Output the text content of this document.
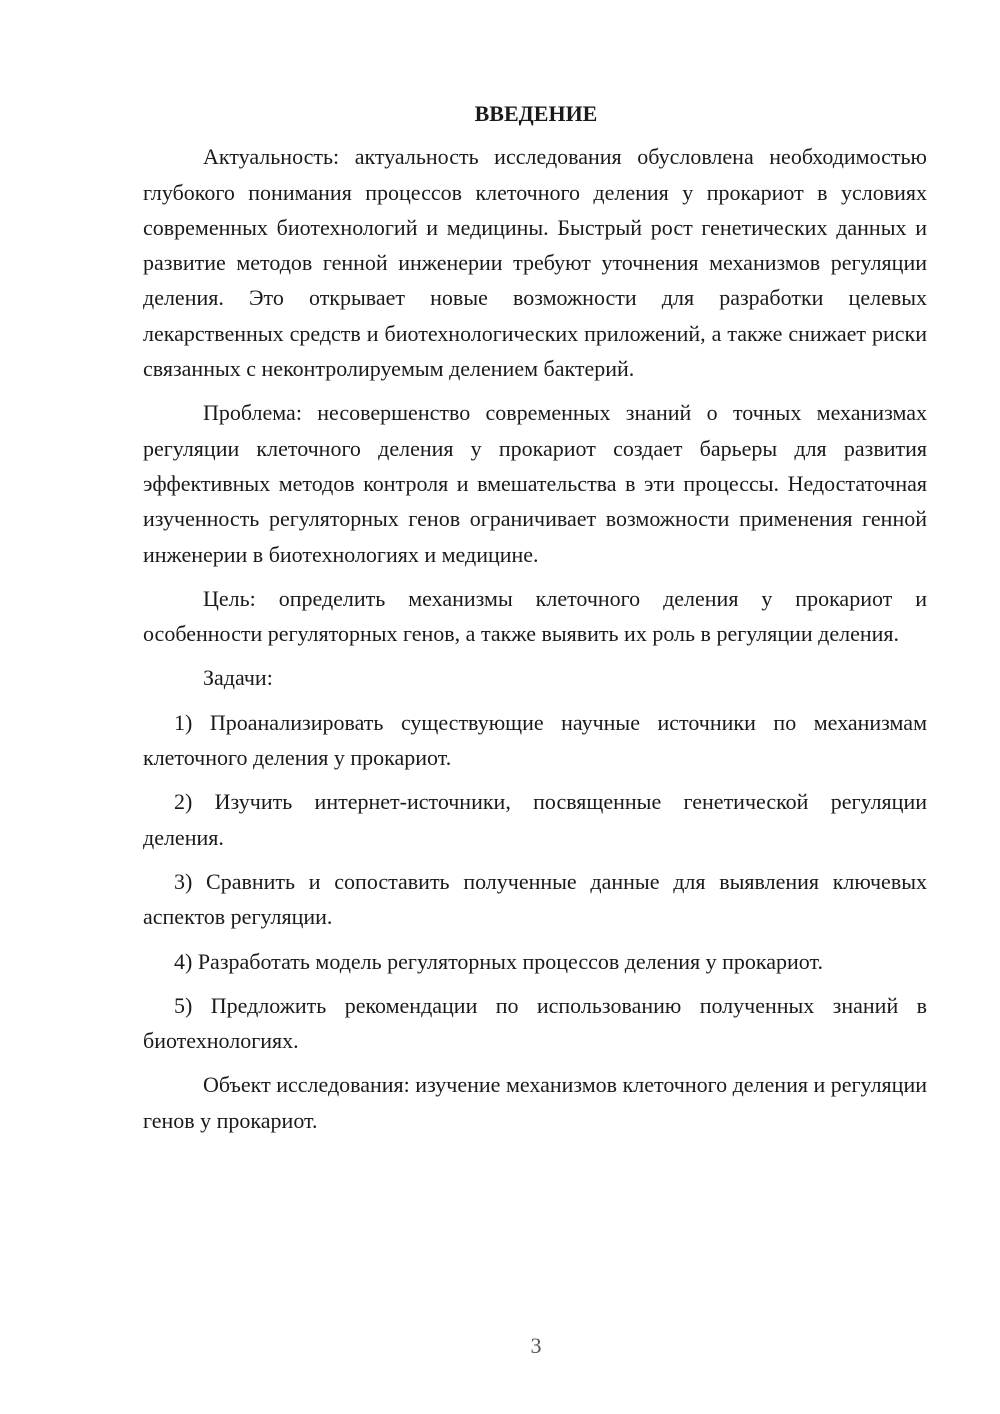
ВВЕДЕНИЕ

Актуальность: актуальность исследования обусловлена необходимостью глубокого понимания процессов клеточного деления у прокариот в условиях современных биотехнологий и медицины. Быстрый рост генетических данных и развитие методов генной инженерии требуют уточнения механизмов регуляции деления. Это открывает новые возможности для разработки целевых лекарственных средств и биотехнологических приложений, а также снижает риски связанных с неконтролируемым делением бактерий.

Проблема: несовершенство современных знаний о точных механизмах регуляции клеточного деления у прокариот создает барьеры для развития эффективных методов контроля и вмешательства в эти процессы. Недостаточная изученность регуляторных генов ограничивает возможности применения генной инженерии в биотехнологиях и медицине.

Цель: определить механизмы клеточного деления у прокариот и особенности регуляторных генов, а также выявить их роль в регуляции деления.

Задачи:

1) Проанализировать существующие научные источники по механизмам клеточного деления у прокариот.

2) Изучить интернет-источники, посвященные генетической регуляции деления.

3) Сравнить и сопоставить полученные данные для выявления ключевых аспектов регуляции.

4) Разработать модель регуляторных процессов деления у прокариот.

5) Предложить рекомендации по использованию полученных знаний в биотехнологиях.

Объект исследования: изучение механизмов клеточного деления и регуляции генов у прокариот.

3
